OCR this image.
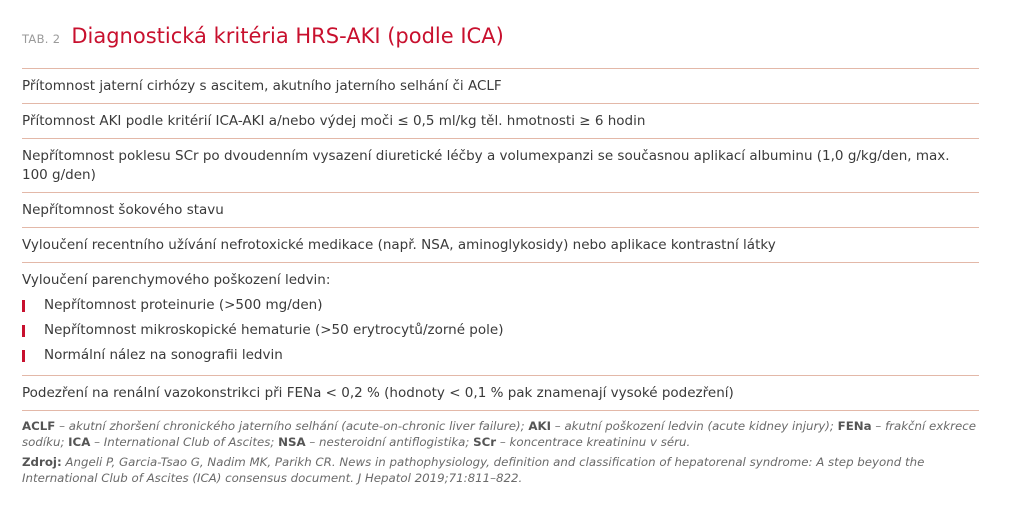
TAB. 2 Diagnostická kritéria HRS-AKI (podle ICA)
Přítomnost jaterní cirhózy s ascitem, akutního jaterního selhání či ACLF
Přítomnost AKI podle kritérií ICA-AKI a/nebo výdej moči ≤ 0,5 ml/kg těl. hmotnosti ≥ 6 hodin
Nepřítomnost poklesu SCr po dvoudenním vysazení diuretické léčby a volumexpanzi se současnou aplikací albuminu (1,0 g/kg/den, max. 100 g/den)
Nepřítomnost šokového stavu
Vyloučení recentního užívání nefrotoxické medikace (např. NSA, aminoglykosidy) nebo aplikace kontrastní látky
Vyloučení parenchymového poškození ledvin:
Nepřítomnost proteinurie (>500 mg/den)
Nepřítomnost mikroskopické hematurie (>50 erytrocytů/zorné pole)
Normální nález na sonografii ledvin
Podezření na renální vazokonstrikci při FENa < 0,2 % (hodnoty < 0,1 % pak znamenají vysoké podezření)

ACLF – akutní zhoršení chronického jaterního selhání (acute-on-chronic liver failure); AKI – akutní poškození ledvin (acute kidney injury); FENa – frakční exkrece sodíku; ICA – International Club of Ascites; NSA – nesteroidní antiflogistika; SCr – koncentrace kreatininu v séru.

Zdroj: Angeli P, Garcia-Tsao G, Nadim MK, Parikh CR. News in pathophysiology, definition and classification of hepatorenal syndrome: A step beyond the International Club of Ascites (ICA) consensus document. J Hepatol 2019;71:811–822.
